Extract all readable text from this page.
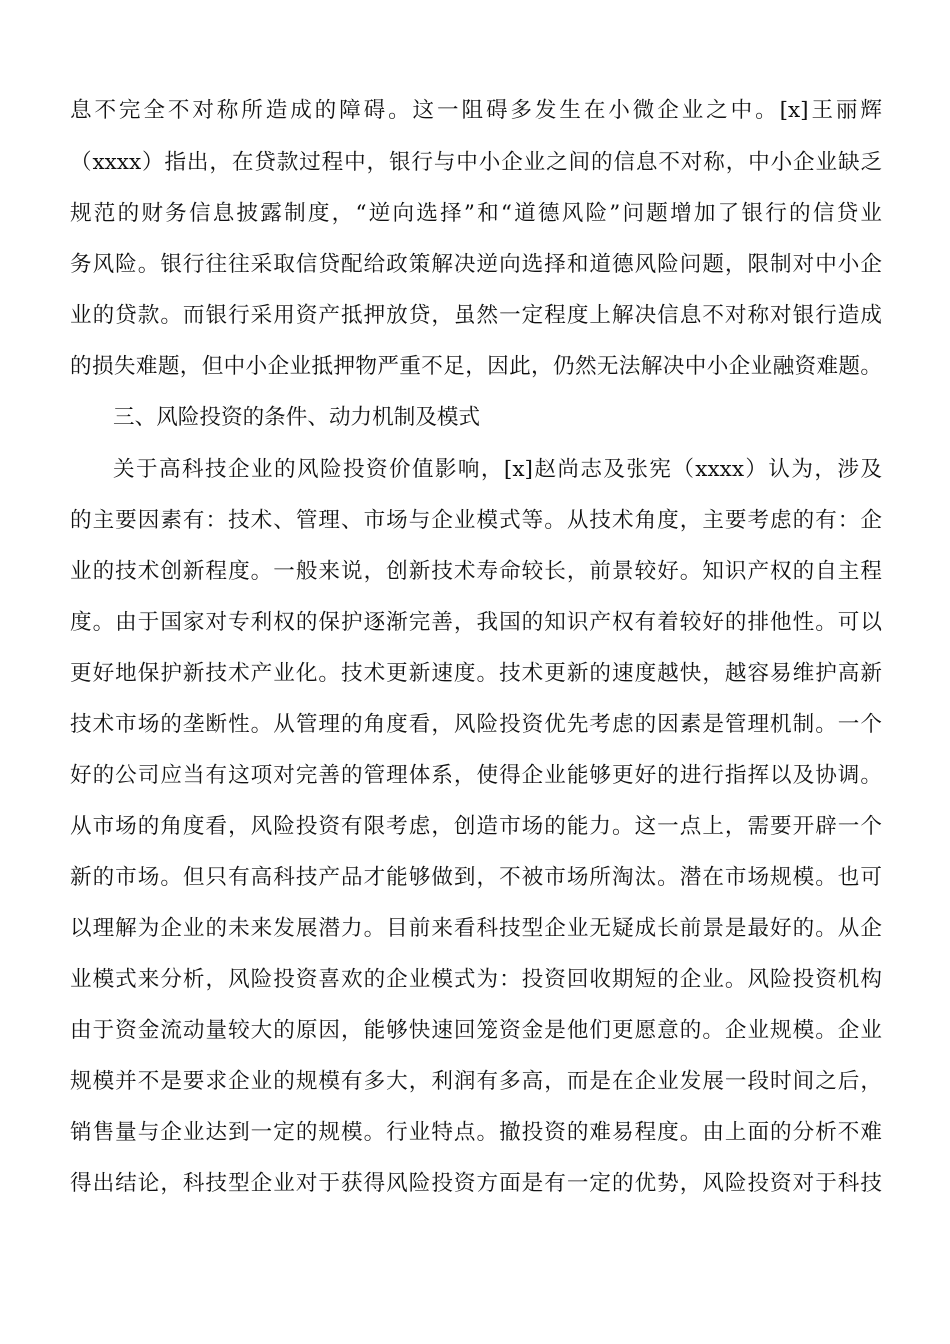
息不完全不对称所造成的障碍。这一阻碍多发生在小微企业之中。[x]王丽辉
（xxxx）指出，在贷款过程中，银行与中小企业之间的信息不对称，中小企业缺乏
规范的财务信息披露制度，“逆向选择”和“道德风险”问题增加了银行的信贷业
务风险。银行往往采取信贷配给政策解决逆向选择和道德风险问题，限制对中小企
业的贷款。而银行采用资产抵押放贷，虽然一定程度上解决信息不对称对银行造成
的损失难题，但中小企业抵押物严重不足，因此，仍然无法解决中小企业融资难题。
三、风险投资的条件、动力机制及模式
关于高科技企业的风险投资价值影响，[x]赵尚志及张宪（xxxx）认为，涉及
的主要因素有：技术、管理、市场与企业模式等。从技术角度，主要考虑的有：企
业的技术创新程度。一般来说，创新技术寿命较长，前景较好。知识产权的自主程
度。由于国家对专利权的保护逐渐完善，我国的知识产权有着较好的排他性。可以
更好地保护新技术产业化。技术更新速度。技术更新的速度越快，越容易维护高新
技术市场的垄断性。从管理的角度看，风险投资优先考虑的因素是管理机制。一个
好的公司应当有这项对完善的管理体系，使得企业能够更好的进行指挥以及协调。
从市场的角度看，风险投资有限考虑，创造市场的能力。这一点上，需要开辟一个
新的市场。但只有高科技产品才能够做到，不被市场所淘汰。潜在市场规模。也可
以理解为企业的未来发展潜力。目前来看科技型企业无疑成长前景是最好的。从企
业模式来分析，风险投资喜欢的企业模式为：投资回收期短的企业。风险投资机构
由于资金流动量较大的原因，能够快速回笼资金是他们更愿意的。企业规模。企业
规模并不是要求企业的规模有多大，利润有多高，而是在企业发展一段时间之后，
销售量与企业达到一定的规模。行业特点。撤投资的难易程度。由上面的分析不难
得出结论，科技型企业对于获得风险投资方面是有一定的优势，风险投资对于科技
